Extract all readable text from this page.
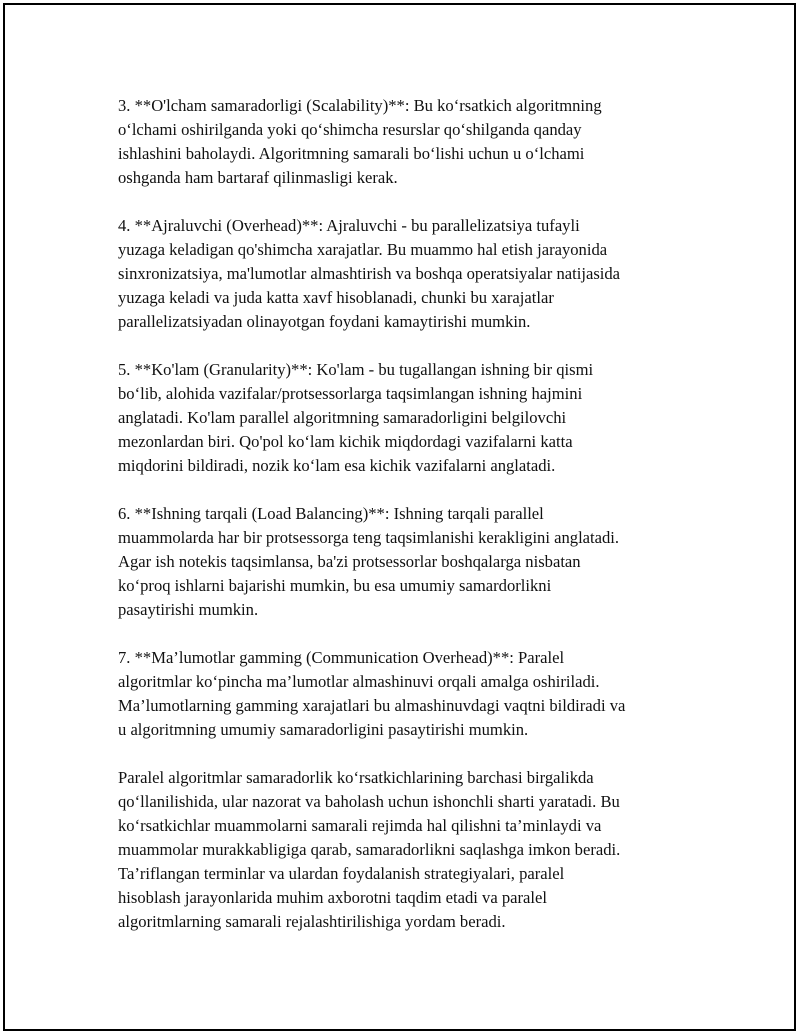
3. **O'lcham samaradorligi (Scalability)**: Bu ko‘rsatkich algoritmning
o‘lchami oshirilganda yoki qo‘shimcha resurslar qo‘shilganda qanday
ishlashini baholaydi. Algoritmning samarali bo‘lishi uchun u o‘lchami
oshganda ham bartaraf qilinmasligi kerak.

4. **Ajraluvchi (Overhead)**: Ajraluvchi - bu parallelizatsiya tufayli
yuzaga keladigan qo'shimcha xarajatlar. Bu muammo hal etish jarayonida
sinxronizatsiya, ma'lumotlar almashtirish va boshqa operatsiyalar natijasida
yuzaga keladi va juda katta xavf hisoblanadi, chunki bu xarajatlar
parallelizatsiyadan olinayotgan foydani kamaytirishi mumkin.

5. **Ko'lam (Granularity)**: Ko'lam - bu tugallangan ishning bir qismi
bo‘lib, alohida vazifalar/protsessorlarga taqsimlangan ishning hajmini
anglatadi. Ko'lam parallel algoritmning samaradorligini belgilovchi
mezonlardan biri. Qo'pol ko‘lam kichik miqdordagi vazifalarni katta
miqdorini bildiradi, nozik ko‘lam esa kichik vazifalarni anglatadi.

6. **Ishning tarqali (Load Balancing)**: Ishning tarqali parallel
muammolarda har bir protsessorga teng taqsimlanishi kerakligini anglatadi.
Agar ish notekis taqsimlansa, ba'zi protsessorlar boshqalarga nisbatan
ko‘proq ishlarni bajarishi mumkin, bu esa umumiy samardorlikni
pasaytirishi mumkin.

7. **Ma’lumotlar gamming (Communication Overhead)**: Paralel
algoritmlar ko‘pincha ma’lumotlar almashinuvi orqali amalga oshiriladi.
Ma’lumotlarning gamming xarajatlari bu almashinuvdagi vaqtni bildiradi va
u algoritmning umumiy samaradorligini pasaytirishi mumkin.

Paralel algoritmlar samaradorlik ko‘rsatkichlarining barchasi birgalikda
qo‘llanilishida, ular nazorat va baholash uchun ishonchli sharti yaratadi. Bu
ko‘rsatkichlar muammolarni samarali rejimda hal qilishni ta’minlaydi va
muammolar murakkabligiga qarab, samaradorlikni saqlashga imkon beradi.
Ta’riflangan terminlar va ulardan foydalanish strategiyalari, paralel
hisoblash jarayonlarida muhim axborotni taqdim etadi va paralel
algoritmlarning samarali rejalashtirilishiga yordam beradi.
